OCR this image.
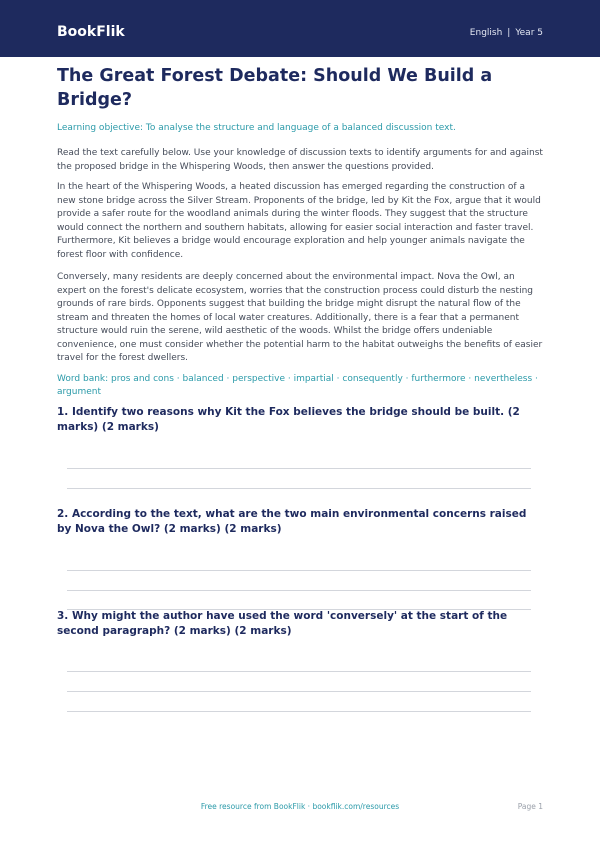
BookFlik	English | Year 5
The Great Forest Debate: Should We Build a Bridge?

Learning objective: To analyse the structure and language of a balanced discussion text.

Read the text carefully below. Use your knowledge of discussion texts to identify arguments for and against the proposed bridge in the Whispering Woods, then answer the questions provided.

In the heart of the Whispering Woods, a heated discussion has emerged regarding the construction of a new stone bridge across the Silver Stream. Proponents of the bridge, led by Kit the Fox, argue that it would provide a safer route for the woodland animals during the winter floods. They suggest that the structure would connect the northern and southern habitats, allowing for easier social interaction and faster travel. Furthermore, Kit believes a bridge would encourage exploration and help younger animals navigate the forest floor with confidence.

Conversely, many residents are deeply concerned about the environmental impact. Nova the Owl, an expert on the forest's delicate ecosystem, worries that the construction process could disturb the nesting grounds of rare birds. Opponents suggest that building the bridge might disrupt the natural flow of the stream and threaten the homes of local water creatures. Additionally, there is a fear that a permanent structure would ruin the serene, wild aesthetic of the woods. Whilst the bridge offers undeniable convenience, one must consider whether the potential harm to the habitat outweighs the benefits of easier travel for the forest dwellers.

Word bank: pros and cons · balanced · perspective · impartial · consequently · furthermore · nevertheless · argument

1. Identify two reasons why Kit the Fox believes the bridge should be built. (2 marks) (2 marks)
2. According to the text, what are the two main environmental concerns raised by Nova the Owl? (2 marks) (2 marks)
3. Why might the author have used the word 'conversely' at the start of the second paragraph? (2 marks) (2 marks)
Free resource from BookFlik · bookflik.com/resources	Page 1
